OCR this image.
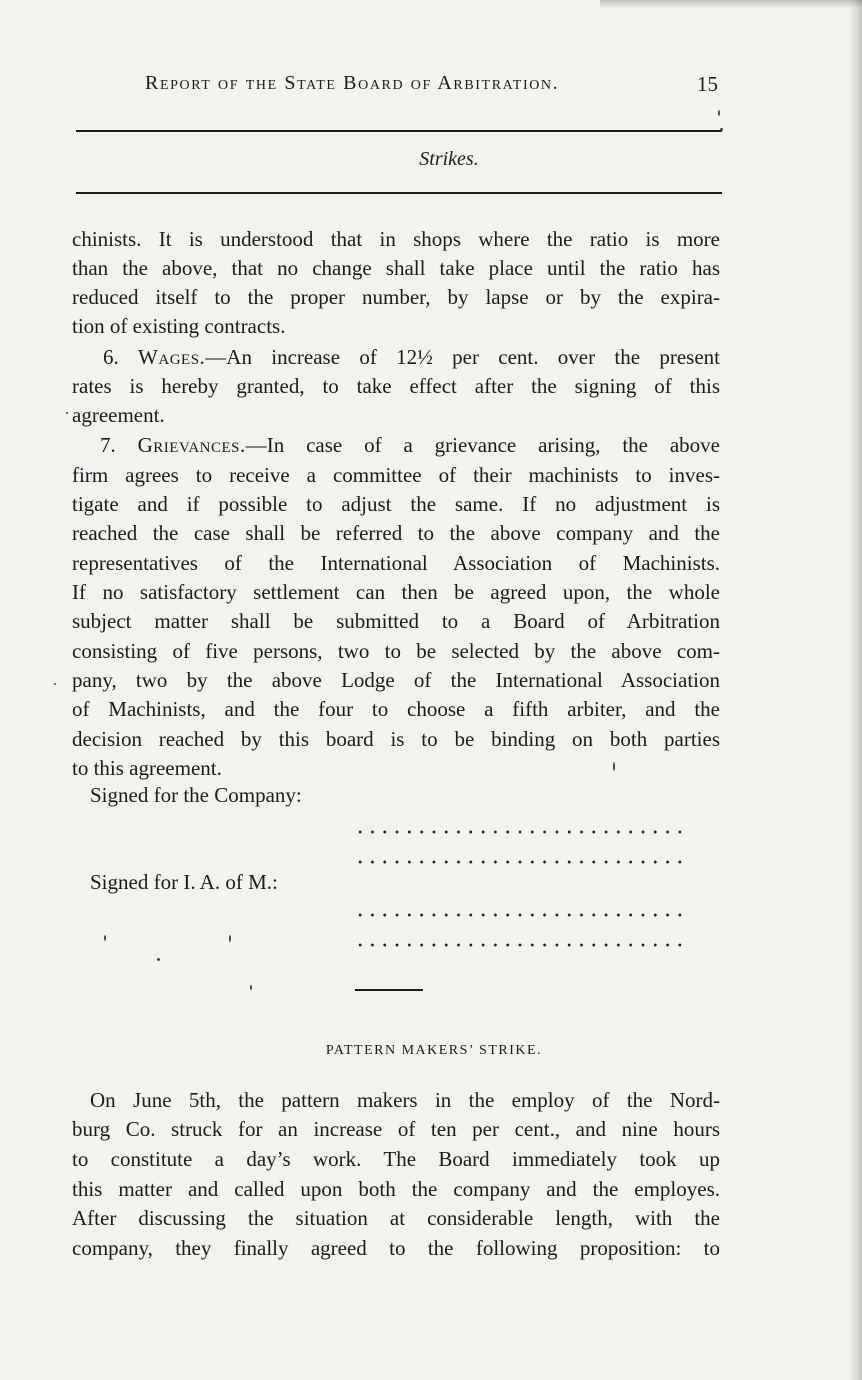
Report of the State Board of Arbitration.	15
Strikes.
chinists. It is understood that in shops where the ratio is more
than the above, that no change shall take place until the ratio has
reduced itself to the proper number, by lapse or by the expira-
tion of existing contracts.
6. Wages.—An increase of 12½ per cent. over the present
rates is hereby granted, to take effect after the signing of this
agreement.
7. Grievances.—In case of a grievance arising, the above
firm agrees to receive a committee of their machinists to inves-
tigate and if possible to adjust the same. If no adjustment is
reached the case shall be referred to the above company and the
representatives of the International Association of Machinists.
If no satisfactory settlement can then be agreed upon, the whole
subject matter shall be submitted to a Board of Arbitration
consisting of five persons, two to be selected by the above com-
pany, two by the above Lodge of the International Association
of Machinists, and the four to choose a fifth arbiter, and the
decision reached by this board is to be binding on both parties
to this agreement.
Signed for the Company:
Signed for I. A. of M.:
PATTERN MAKERS’ STRIKE.
On June 5th, the pattern makers in the employ of the Nord-
burg Co. struck for an increase of ten per cent., and nine hours
to constitute a day’s work. The Board immediately took up
this matter and called upon both the company and the employes.
After discussing the situation at considerable length, with the
company, they finally agreed to the following proposition: to
